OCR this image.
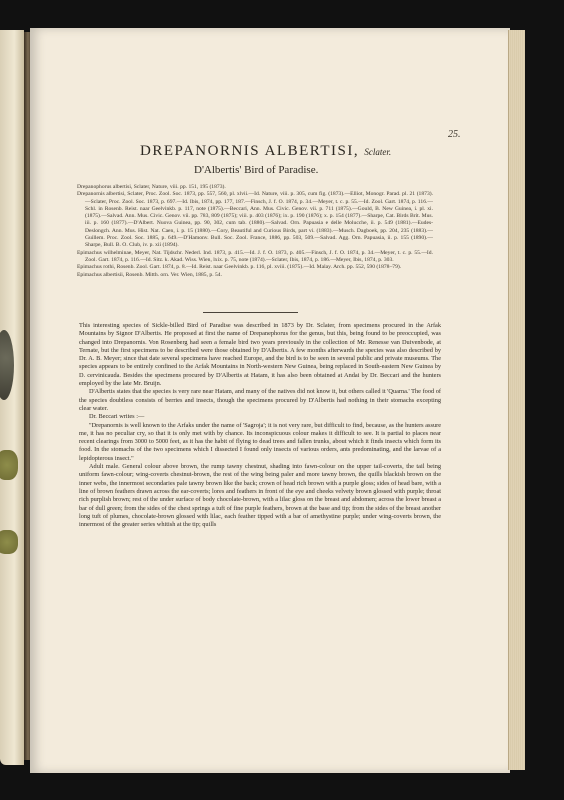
25.
DREPANORNIS ALBERTISI, Sclater.
D'Albertis' Bird of Paradise.

Drepanophorus albertisi, Sclater, Nature, viii. pp. 151, 195 (1873).

Drepanornis albertisi, Sclater, Proc. Zool. Soc. 1873, pp. 557, 560, pl. xlvii.—Id. Nature, viii. p. 305, cum fig. (1873).—Elliot, Monogr. Parad. pl. 21 (1873).—Sclater, Proc. Zool. Soc. 1873, p. 697.—Id. Ibis, 1874, pp. 177, 187.—Finsch, J. f. O. 1874, p. 34.—Meyer, t. c. p. 55.—Id. Zool. Gart. 1874, p. 116.—Schl. in Rosenb. Reist. naar Geelvinkb. p. 117, note (1875).—Beccari, Ann. Mus. Civic. Genov. vii. p. 711 (1875).—Gould, B. New Guinea, i. pl. xi. (1875).—Salvad. Ann. Mus. Civic. Genov. vii. pp. 783, 809 (1875); viii. p. 403 (1876); ix. p. 190 (1876); x. p. 154 (1877).—Sharpe, Cat. Birds Brit. Mus. iii. p. 160 (1877).—D'Albert. Nuova Guinea, pp. 90, 302, cum tab. (1880).—Salvad. Orn. Papuasia e delle Molucche, ii. p. 549 (1881).—Eudes-Deslongch. Ann. Mus. Hist. Nat. Caen, i. p. 15 (1880).—Cory, Beautiful and Curious Birds, part vi. (1883).—Musch. Dagboek, pp. 204, 235 (1883).—Guillem. Proc. Zool. Soc. 1885, p. 649.—D'Hamonv. Bull. Soc. Zool. France, 1886, pp. 503, 509.—Salvad. Agg. Orn. Papuasia, ii. p. 155 (1890).—Sharpe, Bull. B. O. Club, iv. p. xii (1894).

Epimachus wilhelminae, Meyer, Nat. Tijdschr. Nederl. Ind. 1873, p. 415.—Id. J. f. O. 1873, p. 405.—Finsch, J. f. O. 1874, p. 34.—Meyer, t. c. p. 55.—Id. Zool. Gart. 1874, p. 116.—Id. Sitz. k. Akad. Wiss. Wien, lxix. p. 75, note (1874).—Sclater, Ibis, 1874, p. 186.—Meyer, Ibis, 1874, p. 303.

Epimachus rothi, Rosenb. Zool. Gart. 1874, p. 8.—Id. Reist. naar Geelvinkb. p. 116, pl. xviii. (1875).—Id. Malay. Arch. pp. 552, 590 (1878–79).

Epimachus albertisii, Rosenb. Mitth. orn. Ver. Wien, 1885, p. 54.

This interesting species of Sickle-billed Bird of Paradise was described in 1873 by Dr. Sclater, from specimens procured in the Arfak Mountains by Signor D'Albertis. He proposed at first the name of Drepanephorus for the genus, but this, being found to be preoccupied, was changed into Drepanornis. Von Rosenberg had seen a female bird two years previously in the collection of Mr. Renesse van Duivenbode, at Ternate, but the first specimens to be described were those obtained by D'Albertis. A few months afterwards the species was also described by Dr. A. B. Meyer; since that date several specimens have reached Europe, and the bird is to be seen in several public and private museums. The species appears to be entirely confined to the Arfak Mountains in North-western New Guinea, being replaced in South-eastern New Guinea by D. cervinicauda. Besides the specimens procured by D'Albertis at Hatam, it has also been obtained at Andai by Dr. Beccari and the hunters employed by the late Mr. Bruijn.

D'Albertis states that the species is very rare near Hatam, and many of the natives did not know it, but others called it 'Quarna.' The food of the species doubtless consists of berries and insects, though the specimens procured by D'Albertis had nothing in their stomachs excepting clear water.

Dr. Beccari writes :—

"Drepanornis is well known to the Arfaks under the name of 'Sagroja'; it is not very rare, but difficult to find, because, as the hunters assure me, it has no peculiar cry, so that it is only met with by chance. Its inconspicuous colour makes it difficult to see. It is partial to places near recent clearings from 3000 to 5000 feet, as it has the habit of flying to dead trees and fallen trunks, about which it finds insects which form its food. In the stomachs of the two specimens which I dissected I found only insects of various orders, ants predominating, and the larvae of a lepidopterous insect."

Adult male. General colour above brown, the rump tawny chestnut, shading into fawn-colour on the upper tail-coverts, the tail being uniform fawn-colour; wing-coverts chestnut-brown, the rest of the wing being paler and more tawny brown, the quills blackish brown on the inner webs, the innermost secondaries pale tawny brown like the back; crown of head rich brown with a purple gloss; sides of head bare, with a line of brown feathers drawn across the ear-coverts; lores and feathers in front of the eye and cheeks velvety brown glossed with purple; throat rich purplish brown; rest of the under surface of body chocolate-brown, with a lilac gloss on the breast and abdomen; across the lower breast a bar of dull green; from the sides of the chest springs a tuft of fine purple feathers, brown at the base and tip; from the sides of the breast another long tuft of plumes, chocolate-brown glossed with lilac, each feather tipped with a bar of amethystine purple; under wing-coverts brown, the innermost of the greater series whitish at the tip; quills
